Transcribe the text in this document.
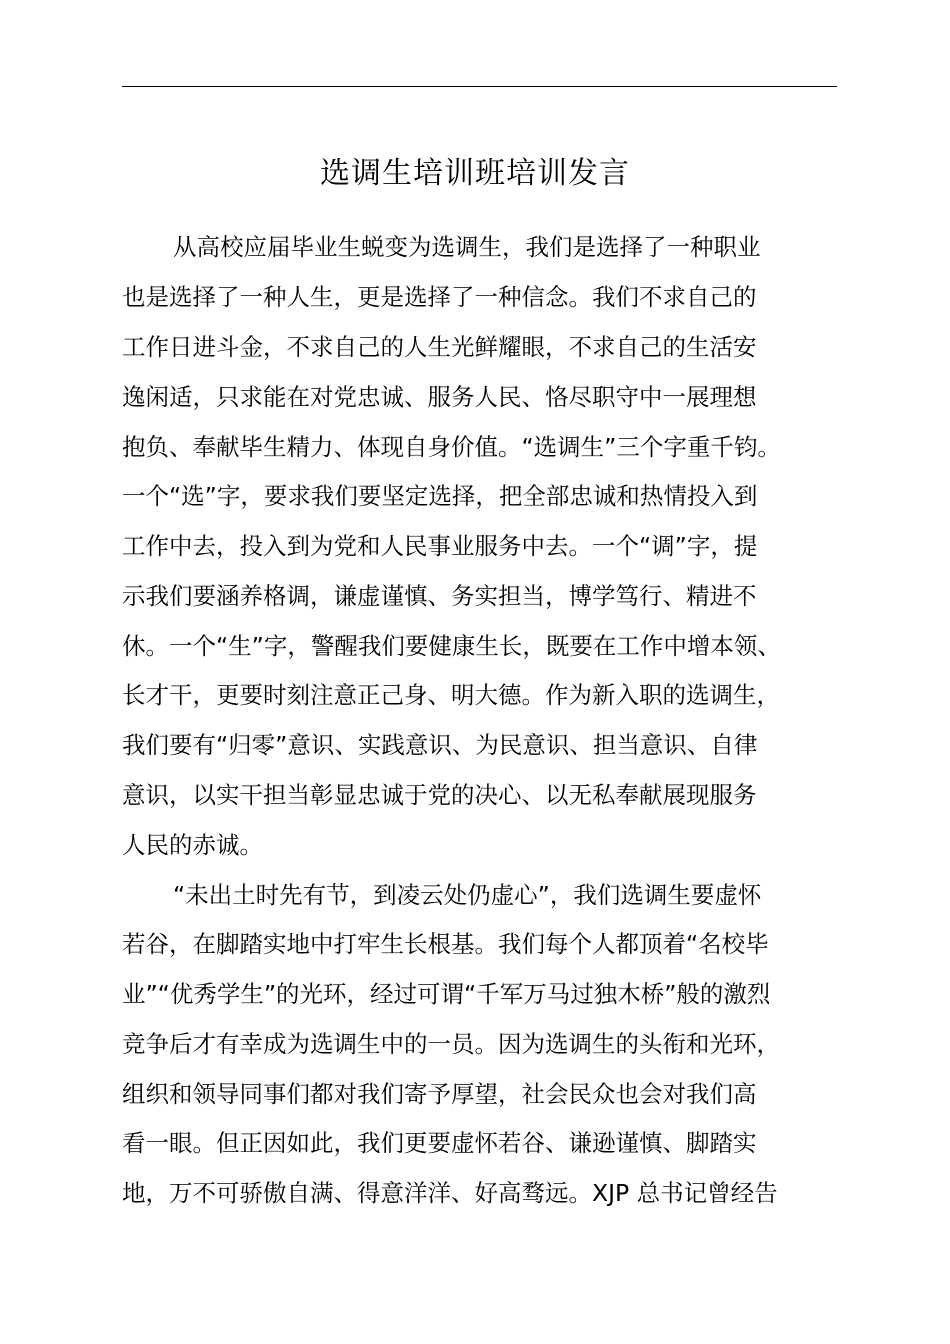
选调生培训班培训发言
从高校应届毕业生蜕变为选调生，我们是选择了一种职业
也是选择了一种人生，更是选择了一种信念。我们不求自己的
工作日进斗金，不求自己的人生光鲜耀眼，不求自己的生活安
逸闲适，只求能在对党忠诚、服务人民、恪尽职守中一展理想
抱负、奉献毕生精力、体现自身价值。“选调生”三个字重千钧。
一个“选”字，要求我们要坚定选择，把全部忠诚和热情投入到
工作中去，投入到为党和人民事业服务中去。一个“调”字，提
示我们要涵养格调，谦虚谨慎、务实担当，博学笃行、精进不
休。一个“生”字，警醒我们要健康生长，既要在工作中增本领、
长才干，更要时刻注意正己身、明大德。作为新入职的选调生，
我们要有“归零”意识、实践意识、为民意识、担当意识、自律
意识，以实干担当彰显忠诚于党的决心、以无私奉献展现服务
人民的赤诚。
“未出土时先有节，到凌云处仍虚心”，我们选调生要虚怀
若谷，在脚踏实地中打牢生长根基。我们每个人都顶着“名校毕
业”“优秀学生”的光环，经过可谓“千军万马过独木桥”般的激烈
竞争后才有幸成为选调生中的一员。因为选调生的头衔和光环，
组织和领导同事们都对我们寄予厚望，社会民众也会对我们高
看一眼。但正因如此，我们更要虚怀若谷、谦逊谨慎、脚踏实
地，万不可骄傲自满、得意洋洋、好高骛远。XJP 总书记曾经告
